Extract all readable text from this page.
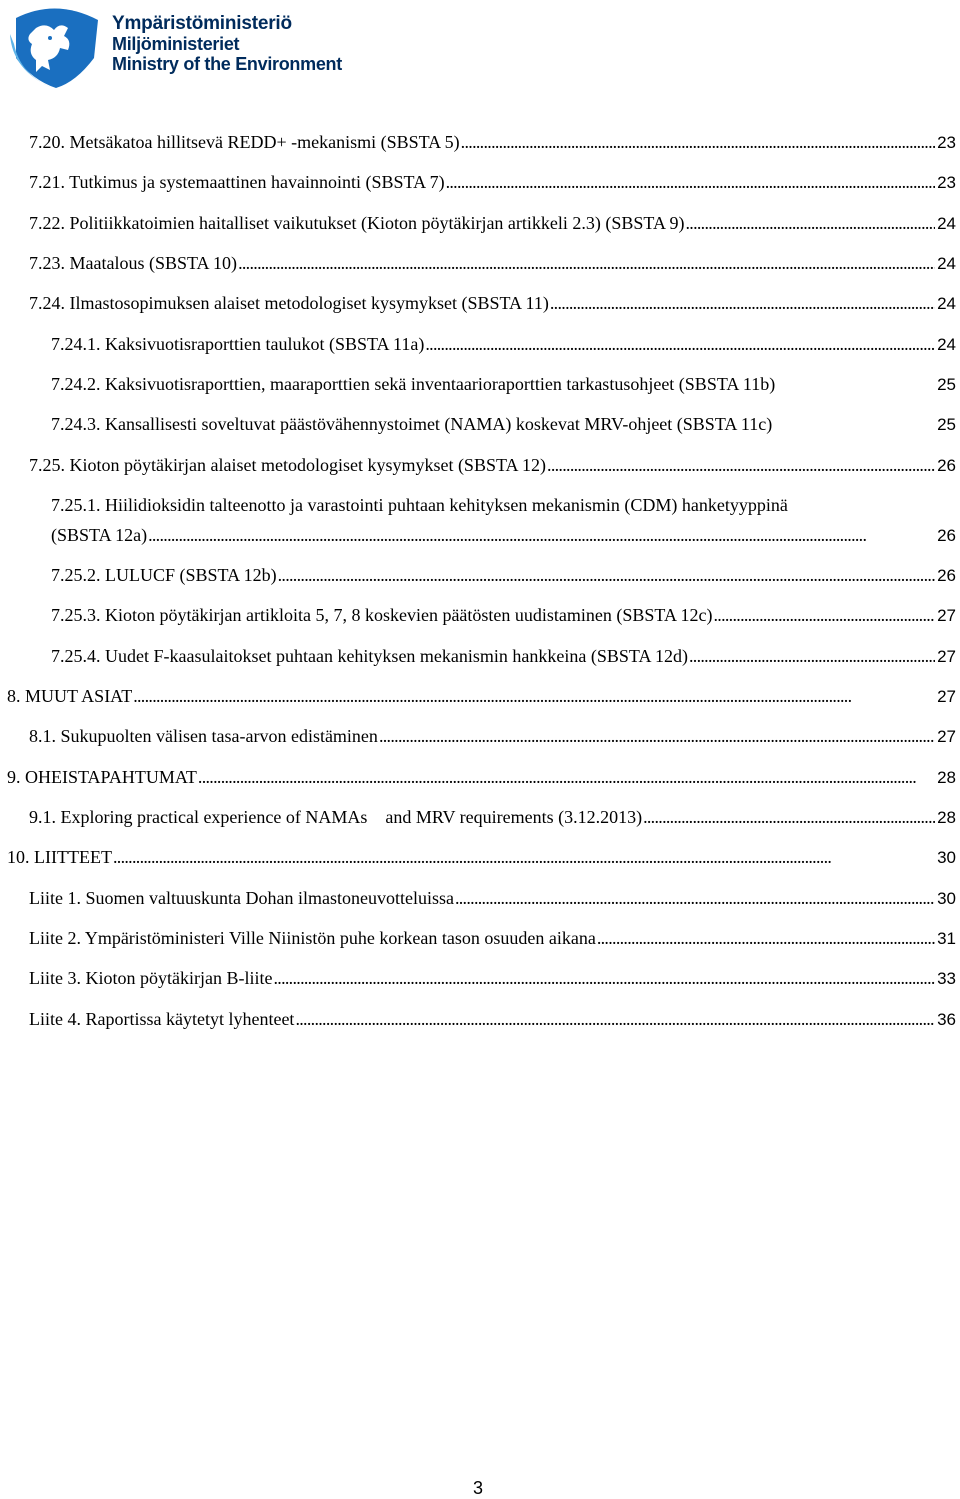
Ympäristöministeriö
Miljöministeriet
Ministry of the Environment
7.20. Metsäkatoa hillitsevä REDD+ -mekanismi (SBSTA 5) . . .	23
7.21. Tutkimus ja systemaattinen havainnointi (SBSTA 7) . . .	23
7.22. Politiikkatoimien haitalliset vaikutukset (Kioton pöytäkirjan artikkeli 2.3) (SBSTA 9) . . .	24
7.23. Maatalous (SBSTA 10) . . .	24
7.24. Ilmastosopimuksen alaiset metodologiset kysymykset (SBSTA 11) . . .	24
7.24.1. Kaksivuotisraporttien taulukot (SBSTA 11a) . . .	24
7.24.2. Kaksivuotisraporttien, maaraporttien sekä inventaarioraporttien tarkastusohjeet (SBSTA 11b)	25
7.24.3. Kansallisesti soveltuvat päästövähennystoimet (NAMA) koskevat MRV-ohjeet (SBSTA 11c)	25
7.25. Kioton pöytäkirjan alaiset metodologiset kysymykset (SBSTA 12) . . .	26
7.25.1. Hiilidioksidin talteenotto ja varastointi puhtaan kehityksen mekanismin (CDM) hanketyyppinä
(SBSTA 12a) . . .	26
7.25.2. LULUCF (SBSTA 12b) . . .	26
7.25.3. Kioton pöytäkirjan artikloita 5, 7, 8 koskevien päätösten uudistaminen (SBSTA 12c) . . .	27
7.25.4. Uudet F-kaasulaitokset puhtaan kehityksen mekanismin hankkeina (SBSTA 12d) . . .	27
8. MUUT ASIAT . . .	27
8.1. Sukupuolten välisen tasa-arvon edistäminen . . .	27
9. OHEISTAPAHTUMAT . . .	28
9.1. Exploring practical experience of NAMAs    and MRV requirements (3.12.2013) . . .	28
10. LIITTEET . . .	30
Liite 1. Suomen valtuuskunta Dohan ilmastoneuvotteluissa . . .	30
Liite 2. Ympäristöministeri Ville Niinistön puhe korkean tason osuuden aikana . . .	31
Liite 3. Kioton pöytäkirjan B-liite . . .	33
Liite 4. Raportissa käytetyt lyhenteet . . .	36
3
